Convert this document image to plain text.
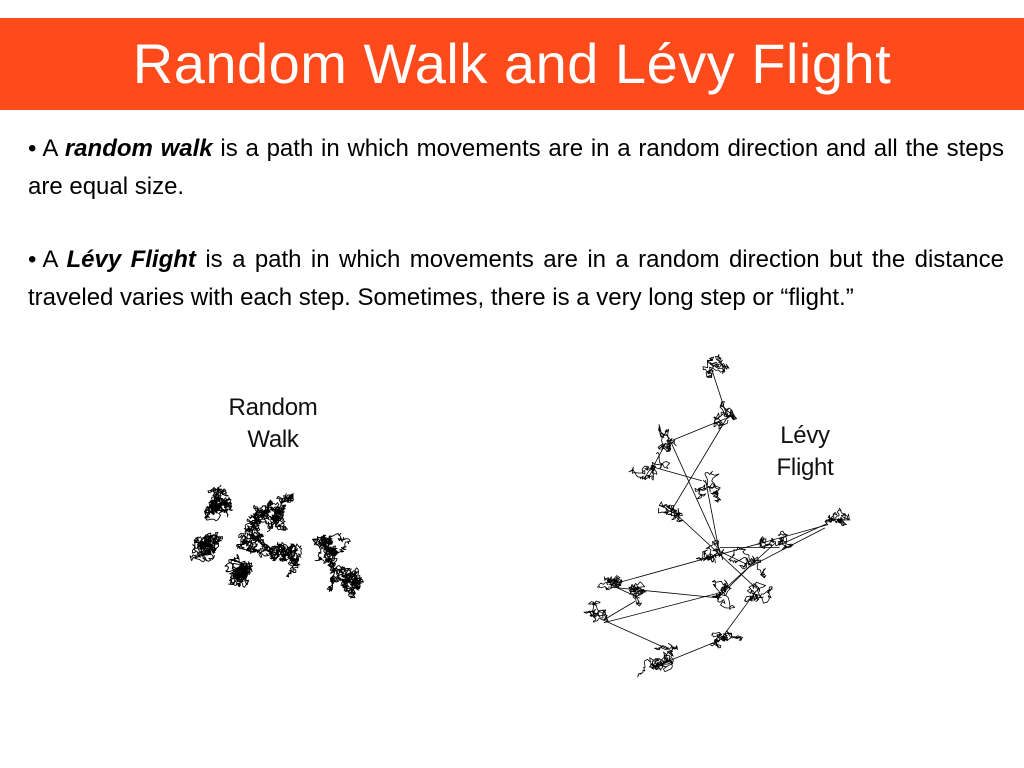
Random Walk and Lévy Flight

• A random walk is a path in which movements are in a random direction and all the steps are equal size.

• A Lévy Flight is a path in which movements are in a random direction but the distance traveled varies with each step. Sometimes, there is a very long step or “flight.”

Random
Walk	Lévy
Flight
